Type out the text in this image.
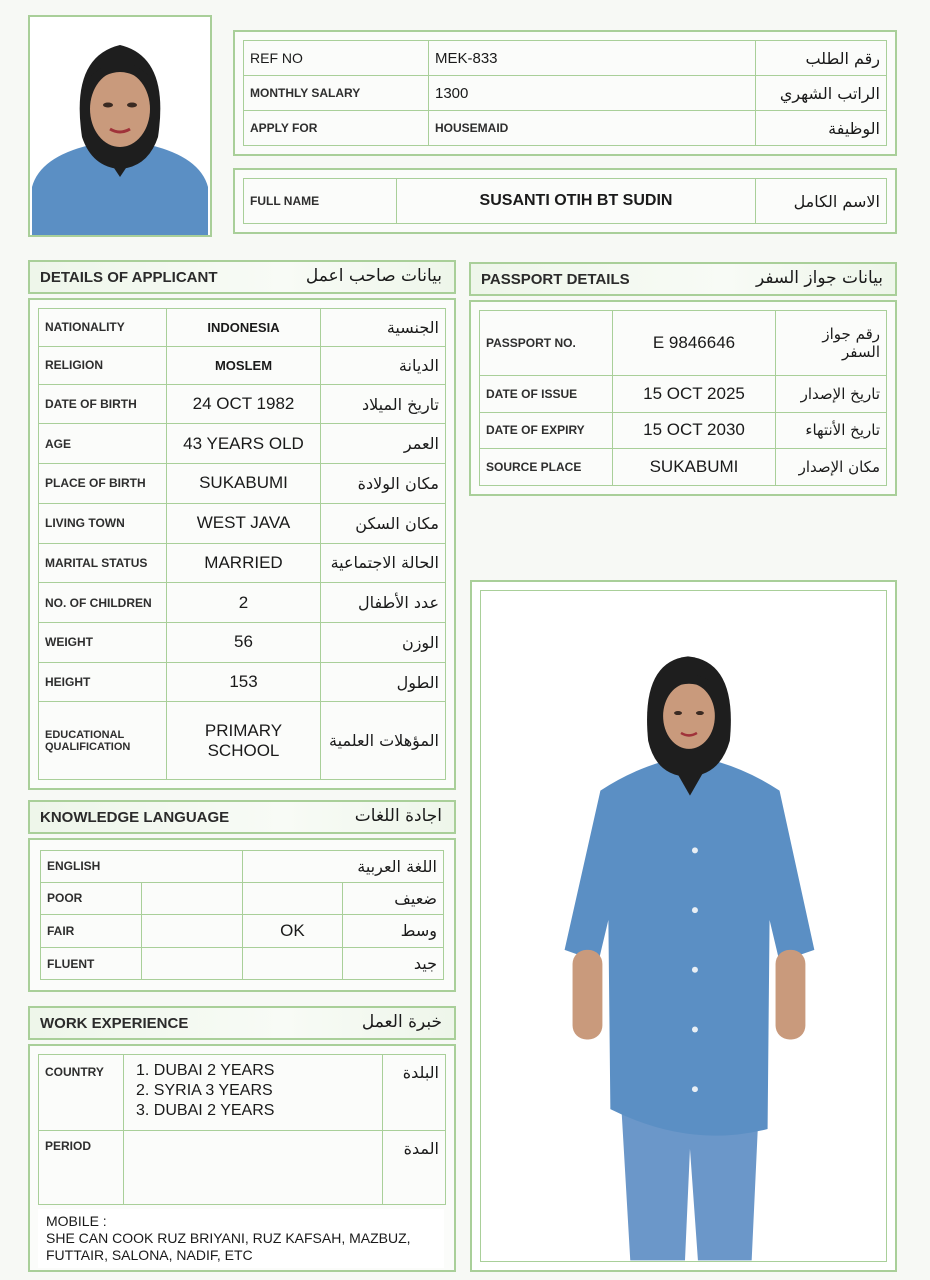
REF NO	MEK-833	رقم الطلب
MONTHLY SALARY	1300	الراتب الشهري
APPLY FOR	HOUSEMAID	الوظيفة
FULL NAME	SUSANTI OTIH BT SUDIN	الاسم الكامل
DETAILS OF APPLICANT	بيانات صاحب اعمل
NATIONALITY	INDONESIA	الجنسية
RELIGION	MOSLEM	الديانة
DATE OF BIRTH	24 OCT 1982	تاريخ الميلاد
AGE	43 YEARS OLD	العمر
PLACE OF BIRTH	SUKABUMI	مكان الولادة
LIVING TOWN	WEST JAVA	مكان السكن
MARITAL STATUS	MARRIED	الحالة الاجتماعية
NO. OF CHILDREN	2	عدد الأطفال
WEIGHT	56	الوزن
HEIGHT	153	الطول
EDUCATIONAL QUALIFICATION	PRIMARY SCHOOL	المؤهلات العلمية
PASSPORT DETAILS	بيانات جواز السفر
PASSPORT NO.	E 9846646	رقم جواز السفر
DATE OF ISSUE	15 OCT 2025	تاريخ الإصدار
DATE OF EXPIRY	15 OCT 2030	تاريخ الأنتهاء
SOURCE PLACE	SUKABUMI	مكان الإصدار
KNOWLEDGE LANGUAGE	اجادة اللغات
ENGLISH		اللغة العربية	
POOR			ضعيف
FAIR		OK	وسط
FLUENT			جيد
WORK EXPERIENCE	خبرة العمل
COUNTRY	1. DUBAI 2 YEARS
2. SYRIA 3 YEARS
3. DUBAI 2 YEARS	البلدة
PERIOD		المدة
MOBILE :
SHE CAN COOK RUZ BRIYANI, RUZ KAFSAH, MAZBUZ,
FUTTAIR, SALONA, NADIF, ETC
